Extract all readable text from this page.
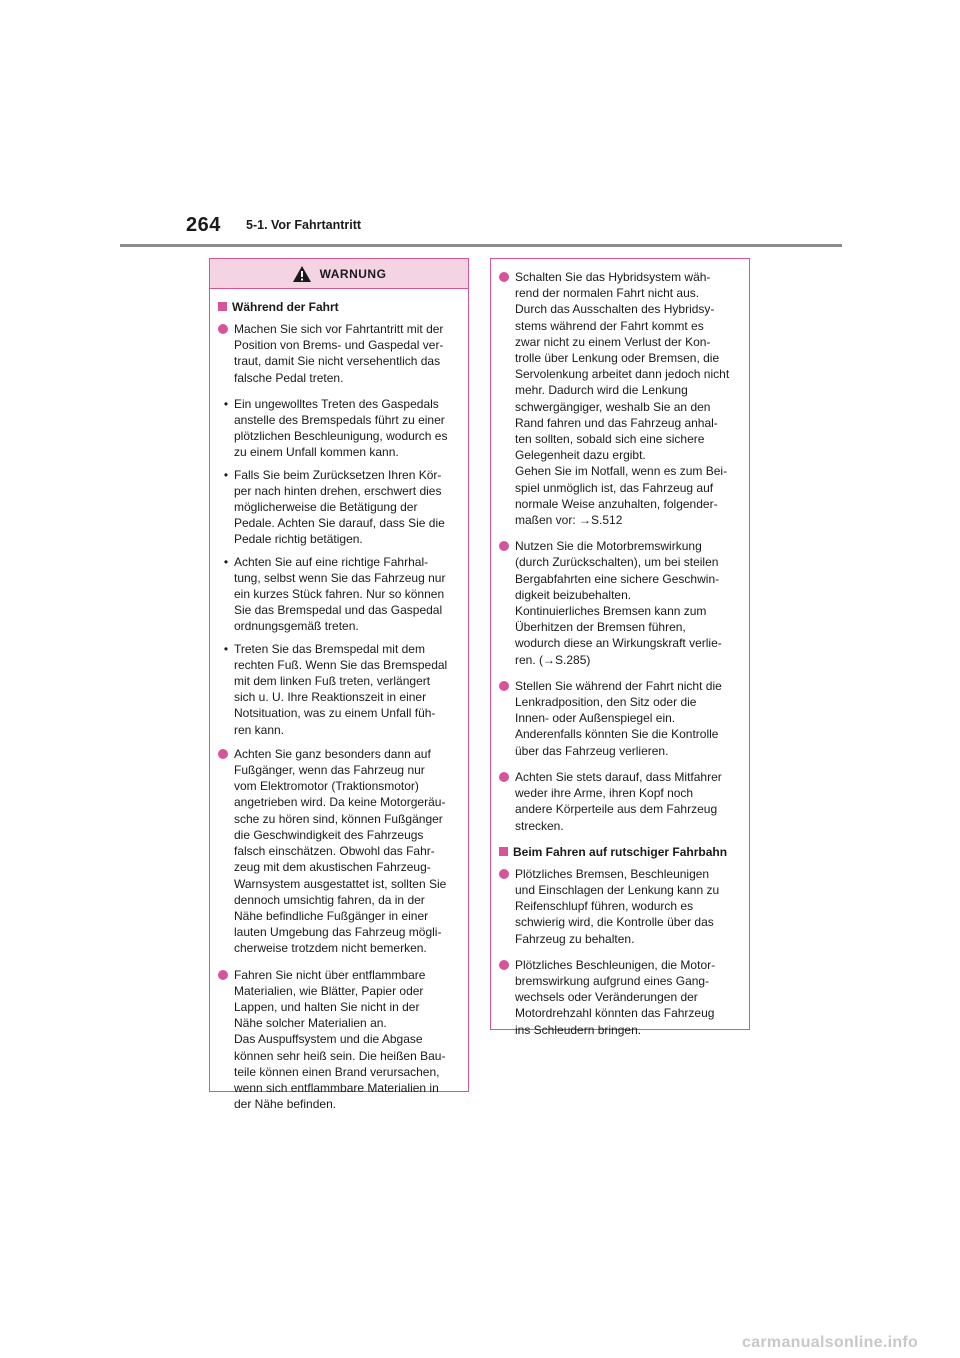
264 5-1. Vor Fahrtantritt
WARNUNG
Während der Fahrt
Machen Sie sich vor Fahrtantritt mit der
Position von Brems- und Gaspedal ver-
traut, damit Sie nicht versehentlich das
falsche Pedal treten.
• Ein ungewolltes Treten des Gaspedals
anstelle des Bremspedals führt zu einer
plötzlichen Beschleunigung, wodurch es
zu einem Unfall kommen kann.
• Falls Sie beim Zurücksetzen Ihren Kör-
per nach hinten drehen, erschwert dies
möglicherweise die Betätigung der
Pedale. Achten Sie darauf, dass Sie die
Pedale richtig betätigen.
• Achten Sie auf eine richtige Fahrhal-
tung, selbst wenn Sie das Fahrzeug nur
ein kurzes Stück fahren. Nur so können
Sie das Bremspedal und das Gaspedal
ordnungsgemäß treten.
• Treten Sie das Bremspedal mit dem
rechten Fuß. Wenn Sie das Bremspedal
mit dem linken Fuß treten, verlängert
sich u. U. Ihre Reaktionszeit in einer
Notsituation, was zu einem Unfall füh-
ren kann.
Achten Sie ganz besonders dann auf
Fußgänger, wenn das Fahrzeug nur
vom Elektromotor (Traktionsmotor)
angetrieben wird. Da keine Motorgeräu-
sche zu hören sind, können Fußgänger
die Geschwindigkeit des Fahrzeugs
falsch einschätzen. Obwohl das Fahr-
zeug mit dem akustischen Fahrzeug-
Warnsystem ausgestattet ist, sollten Sie
dennoch umsichtig fahren, da in der
Nähe befindliche Fußgänger in einer
lauten Umgebung das Fahrzeug mögli-
cherweise trotzdem nicht bemerken.
Fahren Sie nicht über entflammbare
Materialien, wie Blätter, Papier oder
Lappen, und halten Sie nicht in der
Nähe solcher Materialien an.
Das Auspuffsystem und die Abgase
können sehr heiß sein. Die heißen Bau-
teile können einen Brand verursachen,
wenn sich entflammbare Materialien in
der Nähe befinden.
Schalten Sie das Hybridsystem wäh-
rend der normalen Fahrt nicht aus.
Durch das Ausschalten des Hybridsy-
stems während der Fahrt kommt es
zwar nicht zu einem Verlust der Kon-
trolle über Lenkung oder Bremsen, die
Servolenkung arbeitet dann jedoch nicht
mehr. Dadurch wird die Lenkung
schwergängiger, weshalb Sie an den
Rand fahren und das Fahrzeug anhal-
ten sollten, sobald sich eine sichere
Gelegenheit dazu ergibt.
Gehen Sie im Notfall, wenn es zum Bei-
spiel unmöglich ist, das Fahrzeug auf
normale Weise anzuhalten, folgender-
maßen vor: →S.512
Nutzen Sie die Motorbremswirkung
(durch Zurückschalten), um bei steilen
Bergabfahrten eine sichere Geschwin-
digkeit beizubehalten.
Kontinuierliches Bremsen kann zum
Überhitzen der Bremsen führen,
wodurch diese an Wirkungskraft verlie-
ren. (→S.285)
Stellen Sie während der Fahrt nicht die
Lenkradposition, den Sitz oder die
Innen- oder Außenspiegel ein.
Anderenfalls könnten Sie die Kontrolle
über das Fahrzeug verlieren.
Achten Sie stets darauf, dass Mitfahrer
weder ihre Arme, ihren Kopf noch
andere Körperteile aus dem Fahrzeug
strecken.
Beim Fahren auf rutschiger Fahrbahn
Plötzliches Bremsen, Beschleunigen
und Einschlagen der Lenkung kann zu
Reifenschlupf führen, wodurch es
schwierig wird, die Kontrolle über das
Fahrzeug zu behalten.
Plötzliches Beschleunigen, die Motor-
bremswirkung aufgrund eines Gang-
wechsels oder Veränderungen der
Motordrehzahl könnten das Fahrzeug
ins Schleudern bringen.
carmanualsonline.info
